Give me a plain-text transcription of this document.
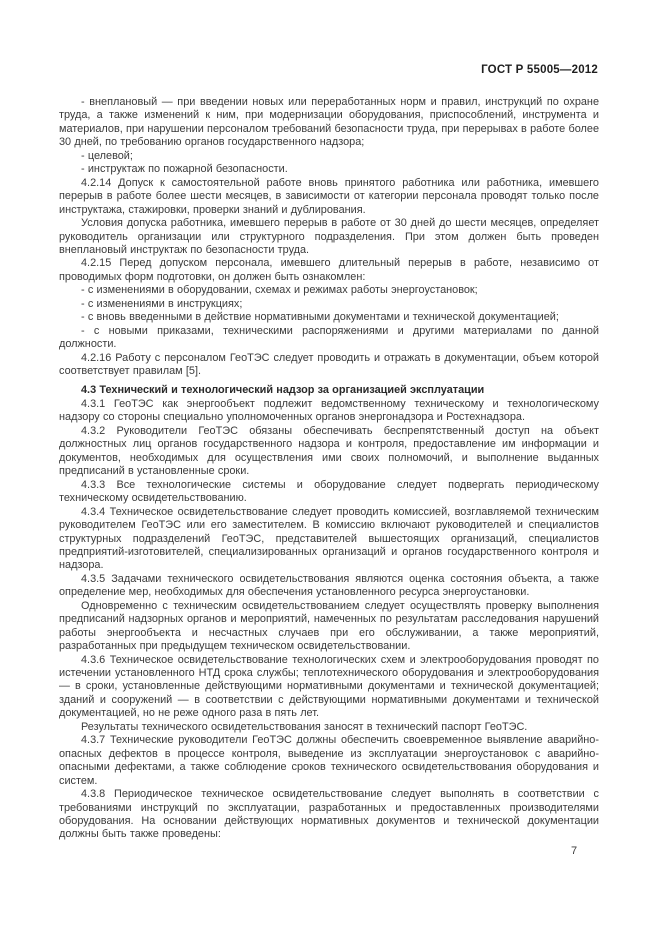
ГОСТ Р 55005—2012

- внеплановый — при введении новых или переработанных норм и правил, инструкций по охране труда, а также изменений к ним, при модернизации оборудования, приспособлений, инструмента и материалов, при нарушении персоналом требований безопасности труда, при перерывах в работе более 30 дней, по требованию органов государственного надзора;

- целевой;

- инструктаж по пожарной безопасности.

4.2.14 Допуск к самостоятельной работе вновь принятого работника или работника, имевшего перерыв в работе более шести месяцев, в зависимости от категории персонала проводят только после инструктажа, стажировки, проверки знаний и дублирования.

Условия допуска работника, имевшего перерыв в работе от 30 дней до шести месяцев, определяет руководитель организации или структурного подразделения. При этом должен быть проведен внеплановый инструктаж по безопасности труда.

4.2.15 Перед допуском персонала, имевшего длительный перерыв в работе, независимо от проводимых форм подготовки, он должен быть ознакомлен:

- с изменениями в оборудовании, схемах и режимах работы энергоустановок;

- с изменениями в инструкциях;

- с вновь введенными в действие нормативными документами и технической документацией;

- с новыми приказами, техническими распоряжениями и другими материалами по данной должности.

4.2.16 Работу с персоналом ГеоТЭС следует проводить и отражать в документации, объем которой соответствует правилам [5].

4.3 Технический и технологический надзор за организацией эксплуатации

4.3.1 ГеоТЭС как энергообъект подлежит ведомственному техническому и технологическому надзору со стороны специально уполномоченных органов энергонадзора и Ростехнадзора.

4.3.2 Руководители ГеоТЭС обязаны обеспечивать беспрепятственный доступ на объект должностных лиц органов государственного надзора и контроля, предоставление им информации и документов, необходимых для осуществления ими своих полномочий, и выполнение выданных предписаний в установленные сроки.

4.3.3 Все технологические системы и оборудование следует подвергать периодическому техническому освидетельствованию.

4.3.4 Техническое освидетельствование следует проводить комиссией, возглавляемой техническим руководителем ГеоТЭС или его заместителем. В комиссию включают руководителей и специалистов структурных подразделений ГеоТЭС, представителей вышестоящих организаций, специалистов предприятий-изготовителей, специализированных организаций и органов государственного контроля и надзора.

4.3.5 Задачами технического освидетельствования являются оценка состояния объекта, а также определение мер, необходимых для обеспечения установленного ресурса энергоустановки.

Одновременно с техническим освидетельствованием следует осуществлять проверку выполнения предписаний надзорных органов и мероприятий, намеченных по результатам расследования нарушений работы энергообъекта и несчастных случаев при его обслуживании, а также мероприятий, разработанных при предыдущем техническом освидетельствовании.

4.3.6 Техническое освидетельствование технологических схем и электрооборудования проводят по истечении установленного НТД срока службы; теплотехнического оборудования и электрооборудования — в сроки, установленные действующими нормативными документами и технической документацией; зданий и сооружений — в соответствии с действующими нормативными документами и технической документацией, но не реже одного раза в пять лет.

Результаты технического освидетельствования заносят в технический паспорт ГеоТЭС.

4.3.7 Технические руководители ГеоТЭС должны обеспечить своевременное выявление аварийно-опасных дефектов в процессе контроля, выведение из эксплуатации энергоустановок с аварийно-опасными дефектами, а также соблюдение сроков технического освидетельствования оборудования и систем.

4.3.8 Периодическое техническое освидетельствование следует выполнять в соответствии с требованиями инструкций по эксплуатации, разработанных и предоставленных производителями оборудования. На основании действующих нормативных документов и технической документации должны быть также проведены:

7
